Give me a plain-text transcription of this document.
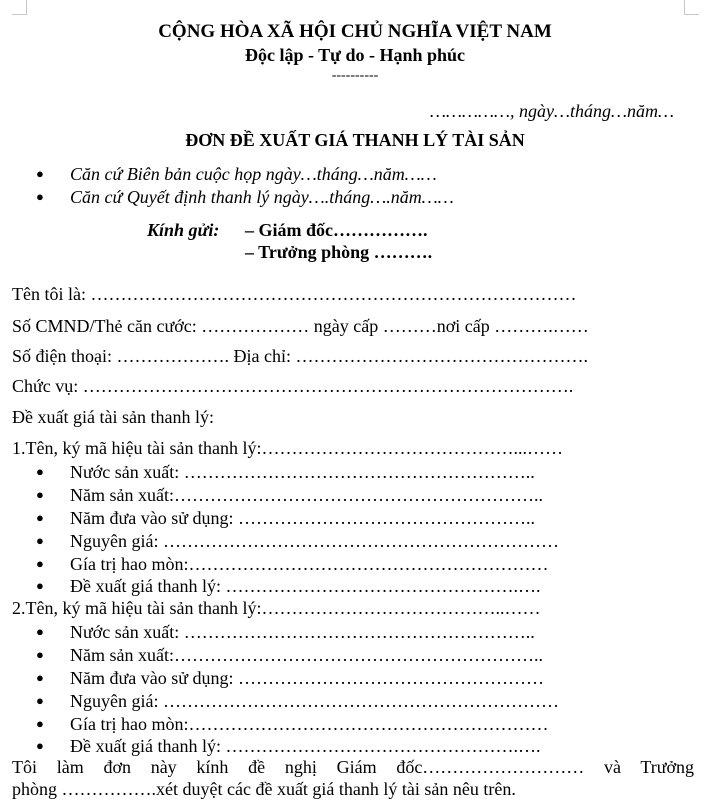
CỘNG HÒA XÃ HỘI CHỦ NGHĨA VIỆT NAM
Độc lập - Tự do - Hạnh phúc
----------
……………, ngày…tháng…năm…
ĐƠN ĐỀ XUẤT GIÁ THANH LÝ TÀI SẢN
● Căn cứ Biên bản cuộc họp ngày…tháng…năm……
● Căn cứ Quyết định thanh lý ngày….tháng….năm……
Kính gửi: – Giám đốc…………….
– Trưởng phòng ……….
Tên tôi là: ………………………………………………………………………
Số CMND/Thẻ căn cước: ……………… ngày cấp ………nơi cấp ……….……
Số điện thoại: ………………. Địa chỉ: ………………………………………….
Chức vụ: ……………………………………………………………………….
Đề xuất giá tài sản thanh lý:
1.Tên, ký mã hiệu tài sản thanh lý:……………………………………...……
● Nước sản xuất: …………………………………………………..
● Năm sản xuất:……………………………………………………..
● Năm đưa vào sử dụng: …………………………………………..
● Nguyên giá: …………………………………………………………
● Gía trị hao mòn:……………………………………………………
● Đề xuất giá thanh lý: ………………………………………….….
2.Tên, ký mã hiệu tài sản thanh lý:…………………………………..……
● Nước sản xuất: …………………………………………………..
● Năm sản xuất:……………………………………………………..
● Năm đưa vào sử dụng: ……………………………………………
● Nguyên giá: …………………………………………………………
● Gía trị hao mòn:……………………………………………………
● Đề xuất giá thanh lý: ………………………………………….….
Tôi làm đơn này kính đề nghị Giám đốc……………………… và Trưởng
phòng …………….xét duyệt các đề xuất giá thanh lý tài sản nêu trên.
